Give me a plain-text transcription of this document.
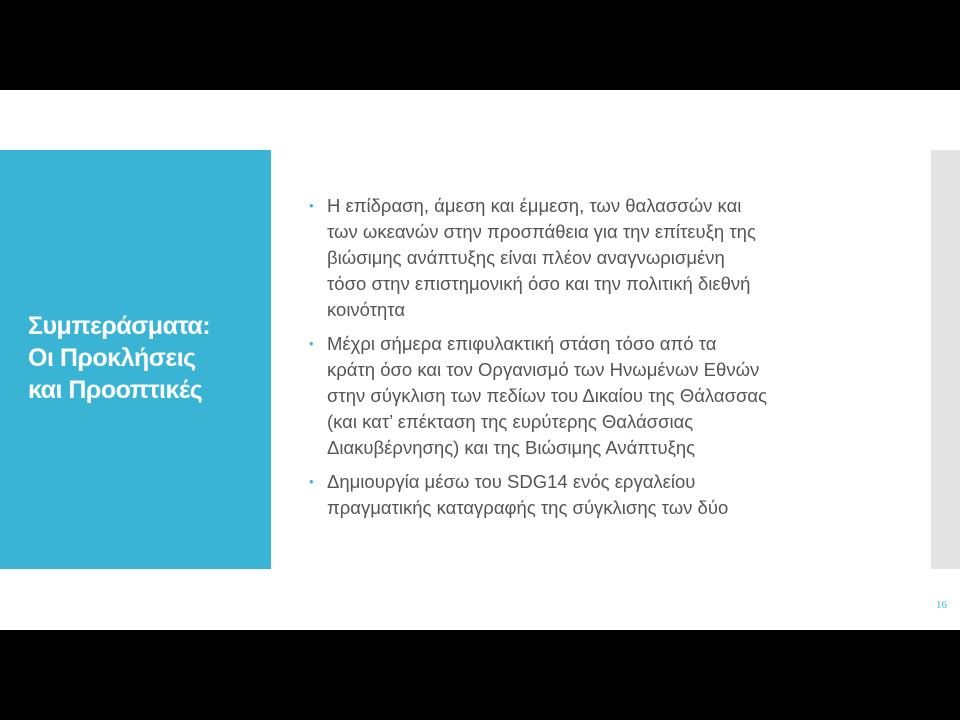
Συμπεράσματα:
Οι Προκλήσεις
και Προοπτικές
• Η επίδραση, άμεση και έμμεση, των θαλασσών και
των ωκεανών στην προσπάθεια για την επίτευξη της
βιώσιμης ανάπτυξης είναι πλέον αναγνωρισμένη
τόσο στην επιστημονική όσο και την πολιτική διεθνή
κοινότητα
• Μέχρι σήμερα επιφυλακτική στάση τόσο από τα
κράτη όσο και τον Οργανισμό των Ηνωμένων Εθνών
στην σύγκλιση των πεδίων του Δικαίου της Θάλασσας
(και κατ’ επέκταση της ευρύτερης Θαλάσσιας
Διακυβέρνησης) και της Βιώσιμης Ανάπτυξης
• Δημιουργία μέσω του SDG14 ενός εργαλείου
πραγματικής καταγραφής της σύγκλισης των δύο
16
